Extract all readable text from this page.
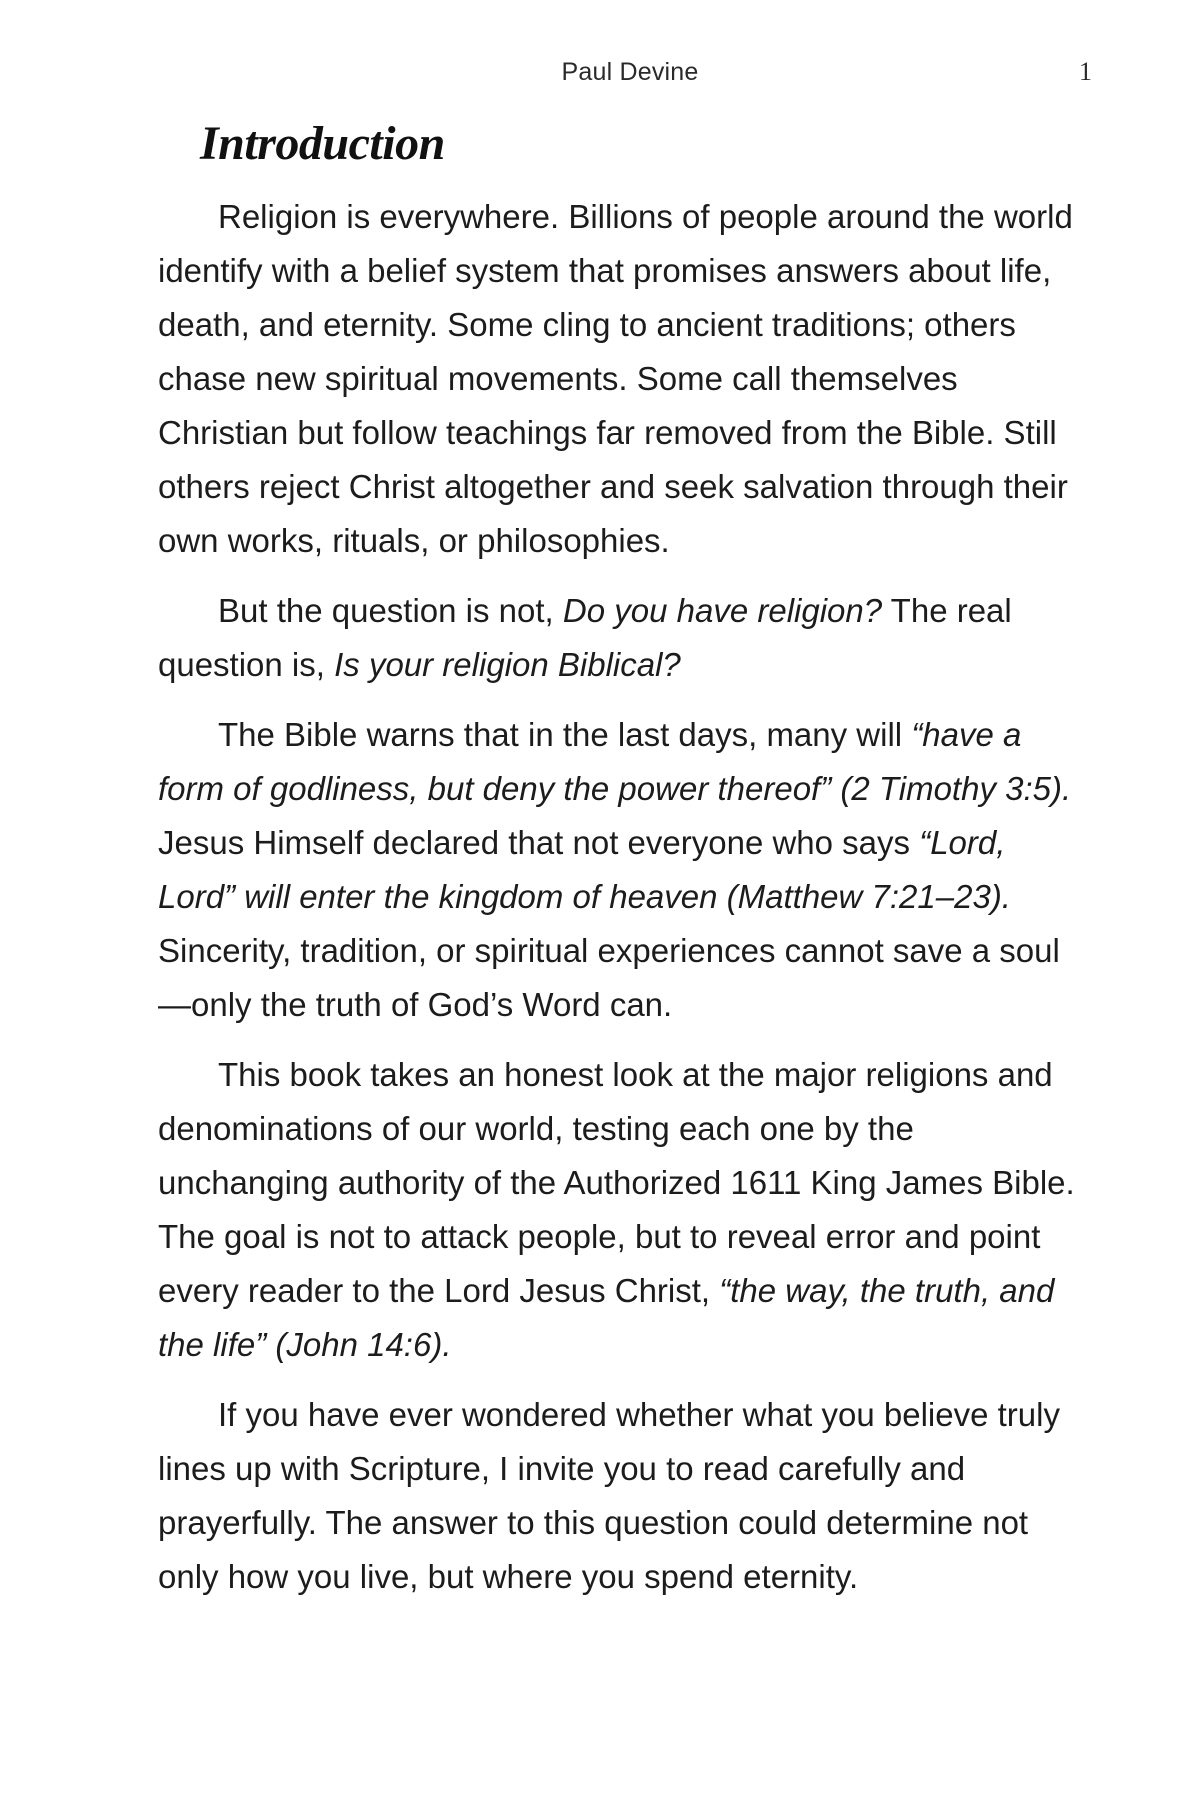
Paul Devine	1
Introduction

Religion is everywhere. Billions of people around the world identify with a belief system that promises answers about life, death, and eternity. Some cling to ancient traditions; others chase new spiritual movements. Some call themselves Christian but follow teachings far removed from the Bible. Still others reject Christ altogether and seek salvation through their own works, rituals, or philosophies.

But the question is not, Do you have religion? The real question is, Is your religion Biblical?

The Bible warns that in the last days, many will “have a form of godliness, but deny the power thereof” (2 Timothy 3:5). Jesus Himself declared that not everyone who says “Lord, Lord” will enter the kingdom of heaven (Matthew 7:21–23). Sincerity, tradition, or spiritual experiences cannot save a soul—only the truth of God’s Word can.

This book takes an honest look at the major religions and denominations of our world, testing each one by the unchanging authority of the Authorized 1611 King James Bible. The goal is not to attack people, but to reveal error and point every reader to the Lord Jesus Christ, “the way, the truth, and the life” (John 14:6).

If you have ever wondered whether what you believe truly lines up with Scripture, I invite you to read carefully and prayerfully. The answer to this question could determine not only how you live, but where you spend eternity.
